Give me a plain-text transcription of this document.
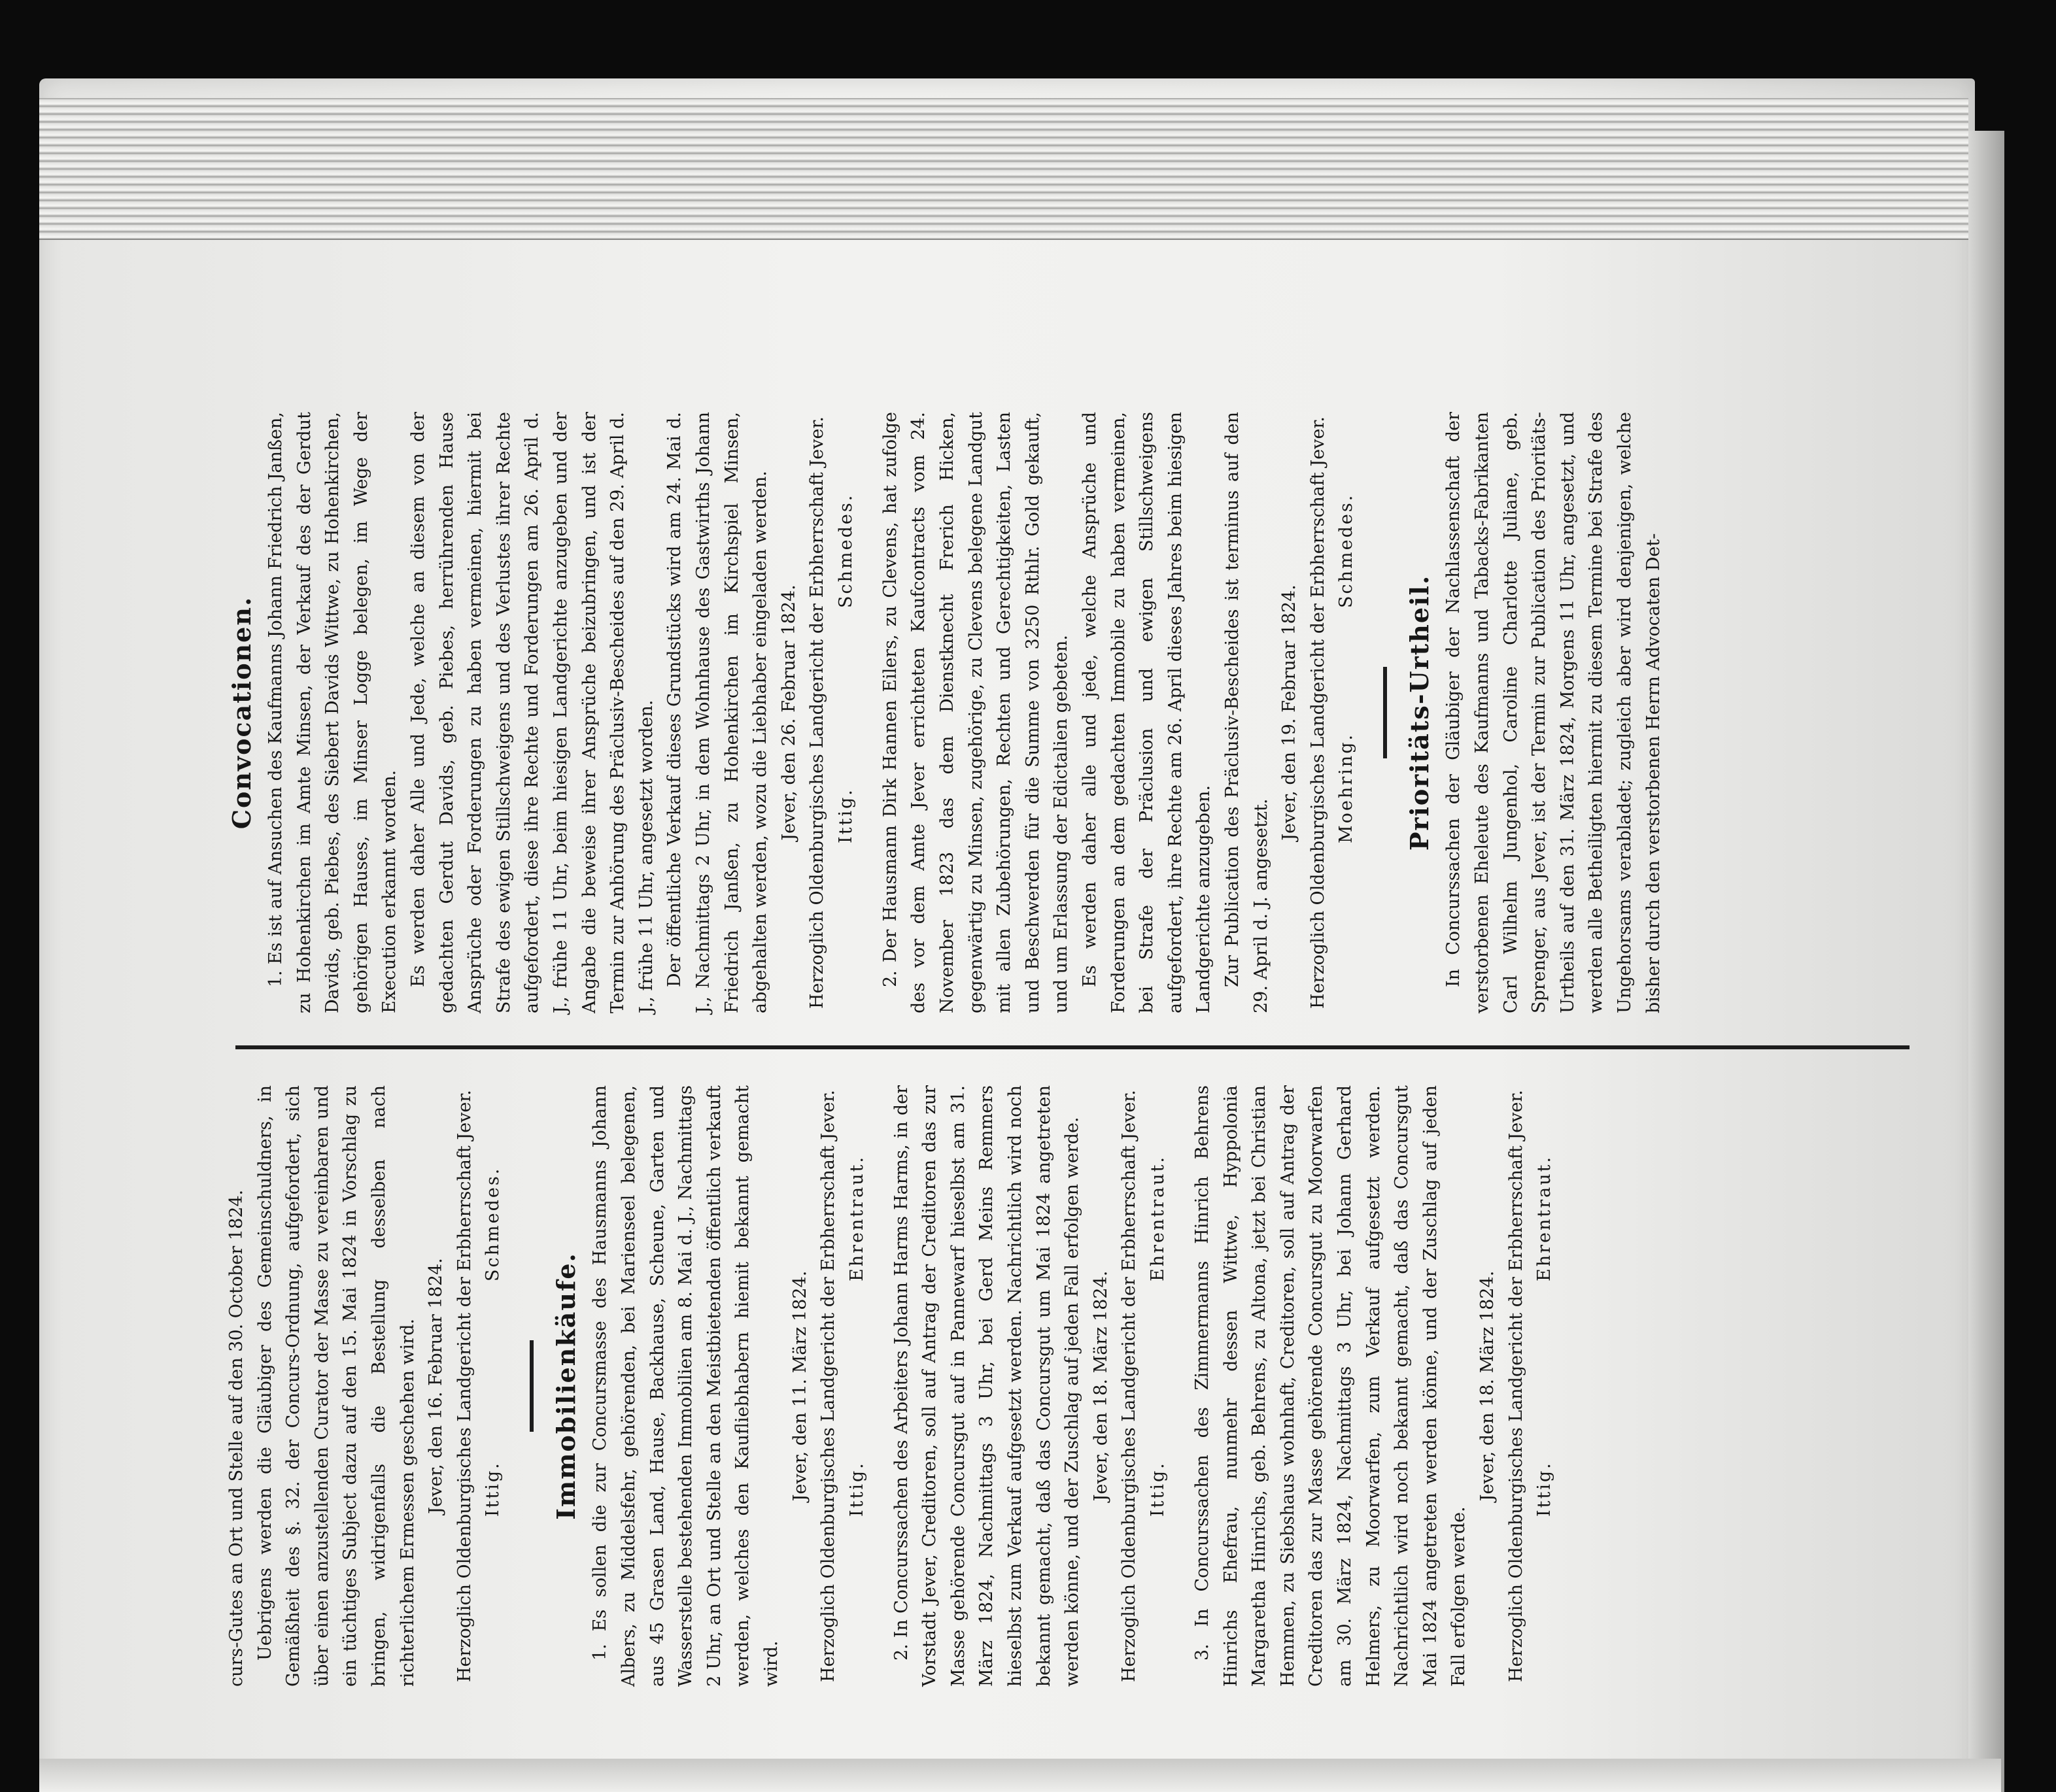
curs-Gutes an Ort und Stelle auf den 30. October 1824. Uebrigens werden die Gläubiger des Gemeinschuldners, in Gemäßheit des §. 32. der Concurs-Ordnung, aufgefordert, sich über einen anzustellenden Curator der Masse zu vereinbaren und ein tüchtiges Subject dazu auf den 15. Mai 1824 in Vorschlag zu bringen, widrigenfalls die Bestellung desselben nach richterlichem Ermessen geschehen wird. Jever, den 16. Februar 1824. Herzoglich Oldenburgisches Landgericht der Erbherrschaft Jever. Ittig.
Schmedes.

Immobilienkäufe. 1. Es sollen die zur Concursmasse des Hausmanns Johann Albers, zu Middelsfehr, gehörenden, bei Marienseel belegenen, aus 45 Grasen Land, Hause, Backhause, Scheune, Garten und Wasserstelle bestehenden Immobilien am 8. Mai d. J., Nachmittags 2 Uhr, an Ort und Stelle an den Meistbietenden öffentlich verkauft werden, welches den Kaufliebhabern hiemit bekannt gemacht wird.

Jever, den 11. März 1824. Herzoglich Oldenburgisches Landgericht der Erbherrschaft Jever. Ittig.
Ehrentraut. 2. In Concurssachen des Arbeiters Johann Harms Harms, in der Vorstadt Jever, Creditoren, soll auf Antrag der Creditoren das zur Masse gehörende Concursgut auf in Pannewarf hieselbst am 31. März 1824, Nachmittags 3 Uhr, bei Gerd Meins Remmers hieselbst zum Verkauf aufgesetzt werden. Nachrichtlich wird noch bekannt gemacht, daß das Concursgut um Mai 1824 angetreten werden könne, und der Zuschlag auf jeden Fall erfolgen werde. Jever, den 18. März 1824. Herzoglich Oldenburgisches Landgericht der Erbherrschaft Jever. Ittig.
Ehrentraut. 3. In Concurssachen des Zimmermanns Hinrich Behrens Hinrichs Ehefrau, nunmehr dessen Wittwe, Hyppolonia Margaretha Hinrichs, geb. Behrens, zu Altona, jetzt bei Christian Hemmen, zu Siebshaus wohnhaft, Creditoren, soll auf Antrag der Creditoren das zur Masse gehörende Concursgut zu Moorwarfen am 30. März 1824, Nachmittags 3 Uhr, bei Johann Gerhard Helmers, zu Moorwarfen, zum Verkauf aufgesetzt werden. Nachrichtlich wird noch bekannt gemacht, daß das Concursgut Mai 1824 angetreten werden könne, und der Zuschlag auf jeden Fall erfolgen werde.

Jever, den 18. März 1824. Herzoglich Oldenburgisches Landgericht der Erbherrschaft Jever. Ittig.
Ehrentraut.

Convocationen. 1. Es ist auf Ansuchen des Kaufmanns Johann Friedrich Janßen, zu Hohenkirchen im Amte Minsen, der Verkauf des der Gerdut Davids, geb. Piebes, des Siebert Davids Wittwe, zu Hohenkirchen, gehörigen Hauses, im Minser Logge belegen, im Wege der Execution erkannt worden. Es werden daher Alle und Jede, welche an diesem von der gedachten Gerdut Davids, geb. Piebes, herrührenden Hause Ansprüche oder Forderungen zu haben vermeinen, hiermit bei Strafe des ewigen Stillschweigens und des Verlustes ihrer Rechte aufgefordert, diese ihre Rechte und Forderungen am 26. April d. J., frühe 11 Uhr, beim hiesigen Landgerichte anzugeben und der Angabe die beweise ihrer Ansprüche beizubringen, und ist der Termin zur Anhörung des Präclusiv-Bescheides auf den 29. April d. J., frühe 11 Uhr, angesetzt worden. Der öffentliche Verkauf dieses Grundstücks wird am 24. Mai d. J., Nachmittags 2 Uhr, in dem Wohnhause des Gastwirths Johann Friedrich Janßen, zu Hohenkirchen im Kirchspiel Minsen, abgehalten werden, wozu die Liebhaber eingeladen werden. Jever, den 26. Februar 1824. Herzoglich Oldenburgisches Landgericht der Erbherrschaft Jever. Ittig.
Schmedes. 2. Der Hausmann Dirk Hannen Eilers, zu Clevens, hat zufolge des vor dem Amte Jever errichteten Kaufcontracts vom 24. November 1823 das dem Dienstknecht Frerich Hicken, gegenwärtig zu Minsen, zugehörige, zu Clevens belegene Landgut mit allen Zubehörungen, Rechten und Gerechtigkeiten, Lasten und Beschwerden für die Summe von 3250 Rthlr. Gold gekauft, und um Erlassung der Edictalien gebeten. Es werden daher alle und jede, welche Ansprüche und Forderungen an dem gedachten Immobile zu haben vermeinen, bei Strafe der Präclusion und ewigen Stillschweigens aufgefordert, ihre Rechte am 26. April dieses Jahres beim hiesigen Landgerichte anzugeben. Zur Publication des Präclusiv-Bescheides ist terminus auf den 29. April d. J. angesetzt.

Jever, den 19. Februar 1824. Herzoglich Oldenburgisches Landgericht der Erbherrschaft Jever. Moehring.
Schmedes.

Prioritäts-Urtheil. In Concurssachen der Gläubiger der Nachlassenschaft der verstorbenen Eheleute des Kaufmanns und Tabacks-Fabrikanten Carl Wilhelm Jungenhol, Caroline Charlotte Juliane, geb. Sprenger, aus Jever, ist der Termin zur Publication des Prioritäts-Urtheils auf den 31. März 1824, Morgens 11 Uhr, angesetzt, und werden alle Betheiligten hiermit zu diesem Termine bei Strafe des Ungehorsams verabladet; zugleich aber wird denjenigen, welche bisher durch den verstorbenen Herrn Advocaten Det-
